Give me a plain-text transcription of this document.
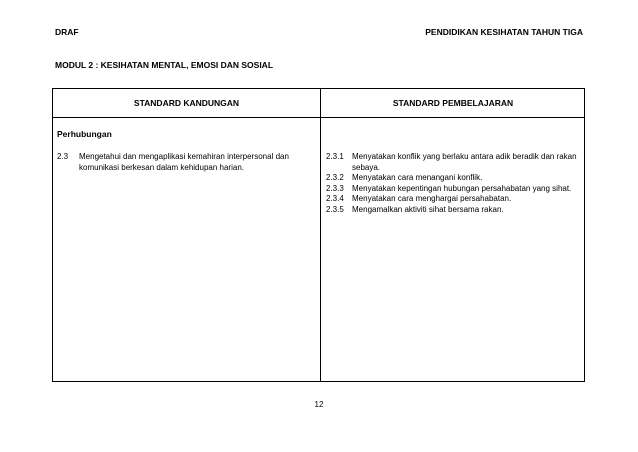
DRAF	PENDIDIKAN KESIHATAN TAHUN TIGA
MODUL 2 : KESIHATAN MENTAL, EMOSI DAN SOSIAL
STANDARD KANDUNGAN	STANDARD PEMBELAJARAN
Perhubungan
2.3	Mengetahui dan mengaplikasi kemahiran interpersonal dan komunikasi berkesan dalam kehidupan harian.
2.3.1	Menyatakan konflik yang berlaku antara adik beradik dan rakan sebaya.
2.3.2	Menyatakan cara menangani konflik.
2.3.3	Menyatakan kepentingan hubungan persahabatan yang sihat.
2.3.4	Menyatakan cara menghargai persahabatan.
2.3.5	Mengamalkan aktiviti sihat bersama rakan.
12
